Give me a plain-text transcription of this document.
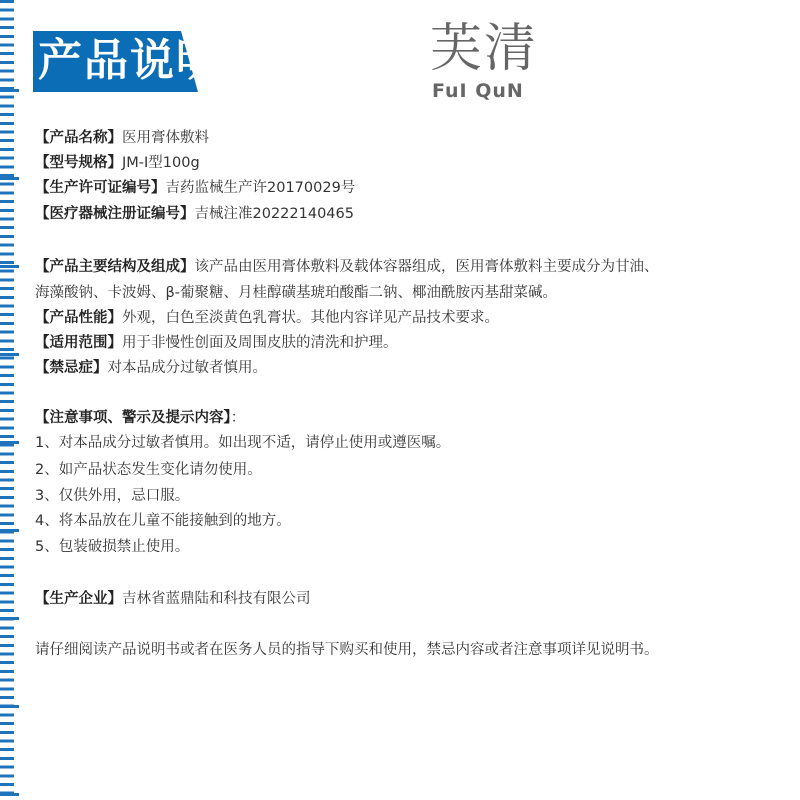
产品说明	芙清
FuI QuN
【产品名称】医用膏体敷料
【型号规格】JM-Ⅰ型100g
【生产许可证编号】吉药监械生产许20170029号
【医疗器械注册证编号】吉械注准20222140465
【产品主要结构及组成】该产品由医用膏体敷料及载体容器组成，医用膏体敷料主要成分为甘油、
海藻酸钠、卡波姆、β-葡聚糖、月桂醇磺基琥珀酸酯二钠、椰油酰胺丙基甜菜碱。
【产品性能】外观，白色至淡黄色乳膏状。其他内容详见产品技术要求。
【适用范围】用于非慢性创面及周围皮肤的清洗和护理。
【禁忌症】对本品成分过敏者慎用。
【注意事项、警示及提示内容】：
1、对本品成分过敏者慎用。如出现不适，请停止使用或遵医嘱。
2、如产品状态发生变化请勿使用。
3、仅供外用，忌口服。
4、将本品放在儿童不能接触到的地方。
5、包装破损禁止使用。
【生产企业】吉林省蓝鼎陆和科技有限公司
请仔细阅读产品说明书或者在医务人员的指导下购买和使用，禁忌内容或者注意事项详见说明书。
